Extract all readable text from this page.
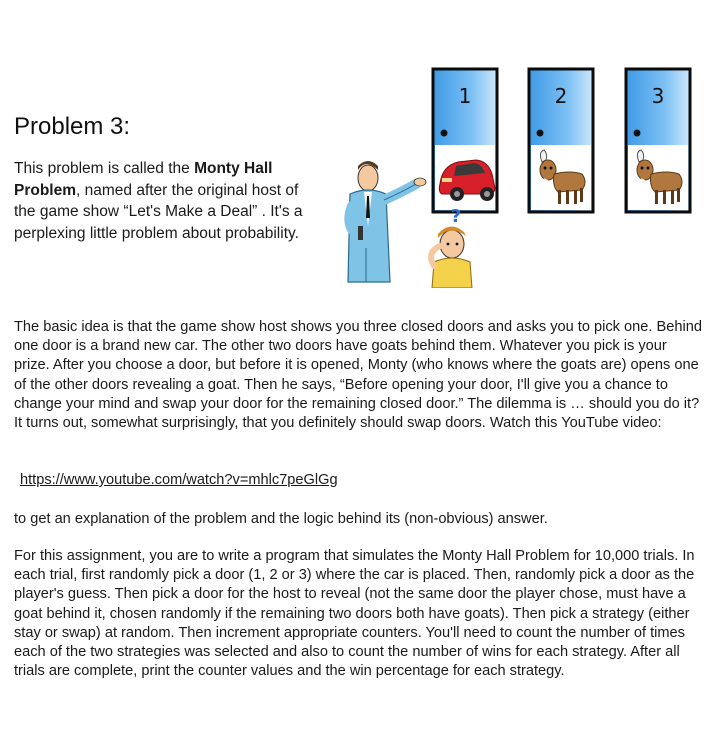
Problem 3:

This problem is called the Monty Hall Problem, named after the original host of the game show “Let's Make a Deal” . It's a perplexing little problem about probability.

1	2	3
?

The basic idea is that the game show host shows you three closed doors and asks you to pick one. Behind one door is a brand new car. The other two doors have goats behind them. Whatever you pick is your prize. After you choose a door, but before it is opened, Monty (who knows where the goats are) opens one of the other doors revealing a goat. Then he says, “Before opening your door, I'll give you a chance to change your mind and swap your door for the remaining closed door.” The dilemma is … should you do it? It turns out, somewhat surprisingly, that you definitely should swap doors. Watch this YouTube video:

https://www.youtube.com/watch?v=mhlc7peGlGg

to get an explanation of the problem and the logic behind its (non-obvious) answer.

For this assignment, you are to write a program that simulates the Monty Hall Problem for 10,000 trials. In each trial, first randomly pick a door (1, 2 or 3) where the car is placed. Then, randomly pick a door as the player's guess. Then pick a door for the host to reveal (not the same door the player chose, must have a goat behind it, chosen randomly if the remaining two doors both have goats). Then pick a strategy (either stay or swap) at random. Then increment appropriate counters. You'll need to count the number of times each of the two strategies was selected and also to count the number of wins for each strategy. After all trials are complete, print the counter values and the win percentage for each strategy.
